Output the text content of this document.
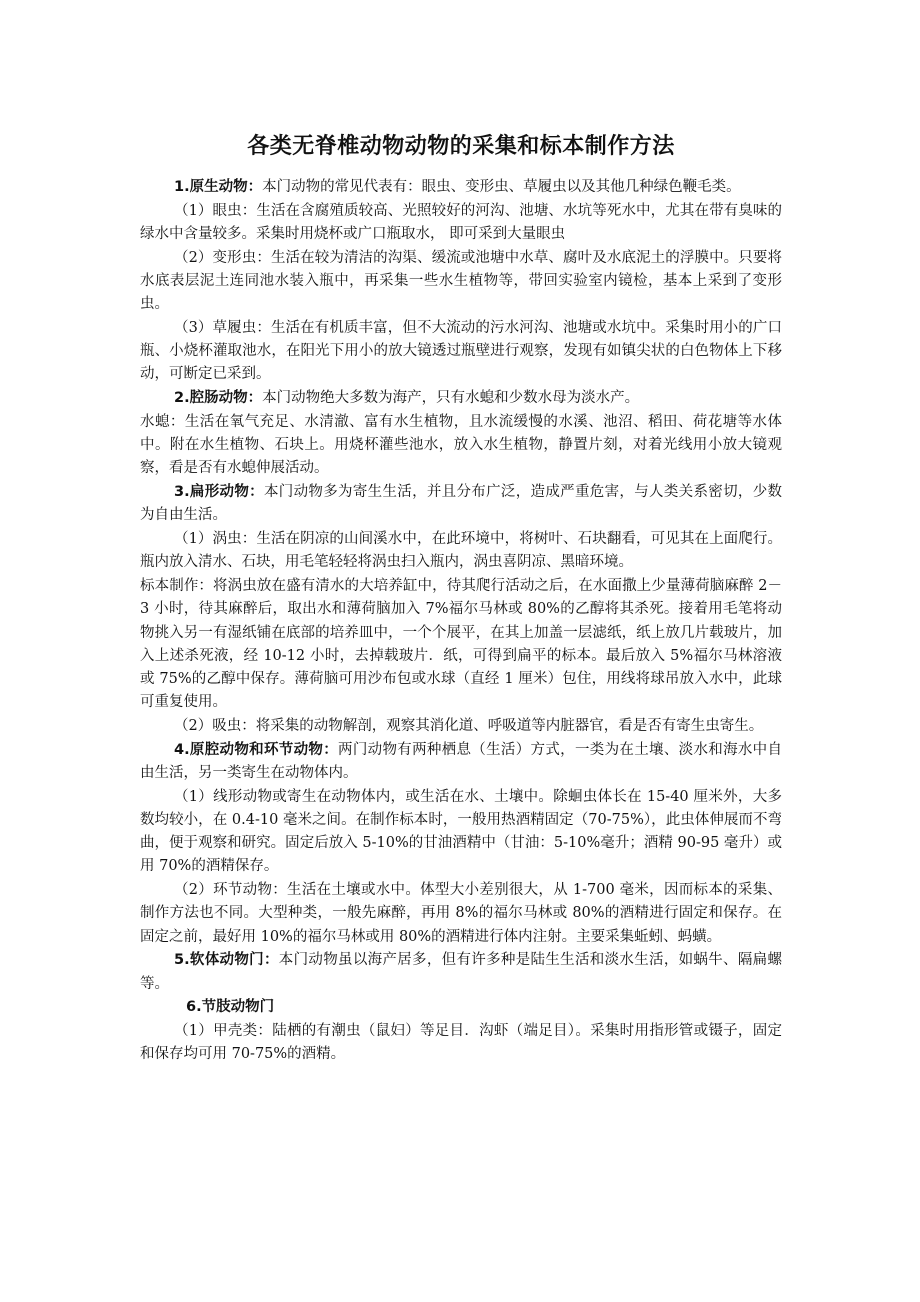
各类无脊椎动物动物的采集和标本制作方法
1.原生动物：本门动物的常见代表有：眼虫、变形虫、草履虫以及其他几种绿色鞭毛类。
（1）眼虫：生活在含腐殖质较高、光照较好的河沟、池塘、水坑等死水中，尤其在带有臭味的绿水中含量较多。采集时用烧杯或广口瓶取水， 即可采到大量眼虫
（2）变形虫：生活在较为清洁的沟渠、缓流或池塘中水草、腐叶及水底泥土的浮膜中。只要将水底表层泥土连同池水装入瓶中，再采集一些水生植物等，带回实验室内镜检，基本上采到了变形虫。
（3）草履虫：生活在有机质丰富，但不大流动的污水河沟、池塘或水坑中。采集时用小的广口瓶、小烧杯灌取池水，在阳光下用小的放大镜透过瓶壁进行观察，发现有如镇尖状的白色物体上下移动，可断定已采到。
2.腔肠动物：本门动物绝大多数为海产，只有水螅和少数水母为淡水产。
水螅：生活在氧气充足、水清澈、富有水生植物，且水流缓慢的水溪、池沼、稻田、荷花塘等水体中。附在水生植物、石块上。用烧杯灌些池水，放入水生植物，静置片刻，对着光线用小放大镜观察，看是否有水螅伸展活动。
3.扁形动物：本门动物多为寄生生活，并且分布广泛，造成严重危害，与人类关系密切，少数为自由生活。
（1）涡虫：生活在阴凉的山间溪水中，在此环境中，将树叶、石块翻看，可见其在上面爬行。瓶内放入清水、石块，用毛笔轻轻将涡虫扫入瓶内，涡虫喜阴凉、黑暗环境。
标本制作：将涡虫放在盛有清水的大培养缸中，待其爬行活动之后，在水面撒上少量薄荷脑麻醉 2－3 小时，待其麻醉后，取出水和薄荷脑加入 7%福尔马林或 80%的乙醇将其杀死。接着用毛笔将动物挑入另一有湿纸铺在底部的培养皿中，一个个展平，在其上加盖一层滤纸，纸上放几片载玻片，加入上述杀死液，经 10-12 小时，去掉载玻片．纸，可得到扁平的标本。最后放入 5%福尔马林溶液或 75%的乙醇中保存。薄荷脑可用沙布包或水球（直经 1 厘米）包住，用线将球吊放入水中，此球可重复使用。
（2）吸虫：将采集的动物解剖，观察其消化道、呼吸道等内脏器官，看是否有寄生虫寄生。
4.原腔动物和环节动物：两门动物有两种栖息（生活）方式，一类为在土壤、淡水和海水中自由生活，另一类寄生在动物体内。
（1）线形动物或寄生在动物体内，或生活在水、土壤中。除蛔虫体长在 15-40 厘米外，大多数均较小，在 0.4-10 毫米之间。在制作标本时，一般用热酒精固定（70-75%），此虫体伸展而不弯曲，便于观察和研究。固定后放入 5-10%的甘油酒精中（甘油：5-10%毫升；酒精 90-95 毫升）或用 70%的酒精保存。
（2）环节动物：生活在土壤或水中。体型大小差别很大，从 1-700 毫米，因而标本的采集、制作方法也不同。大型种类，一般先麻醉，再用 8%的福尔马林或 80%的酒精进行固定和保存。在固定之前，最好用 10%的福尔马林或用 80%的酒精进行体内注射。主要采集蚯蚓、蚂蟥。
5.软体动物门：本门动物虽以海产居多，但有许多种是陆生生活和淡水生活，如蜗牛、隔扁螺等。
6.节肢动物门
（1）甲壳类：陆栖的有潮虫（鼠妇）等足目．沟虾（端足目）。采集时用指形管或镊子，固定和保存均可用 70-75%的酒精。
